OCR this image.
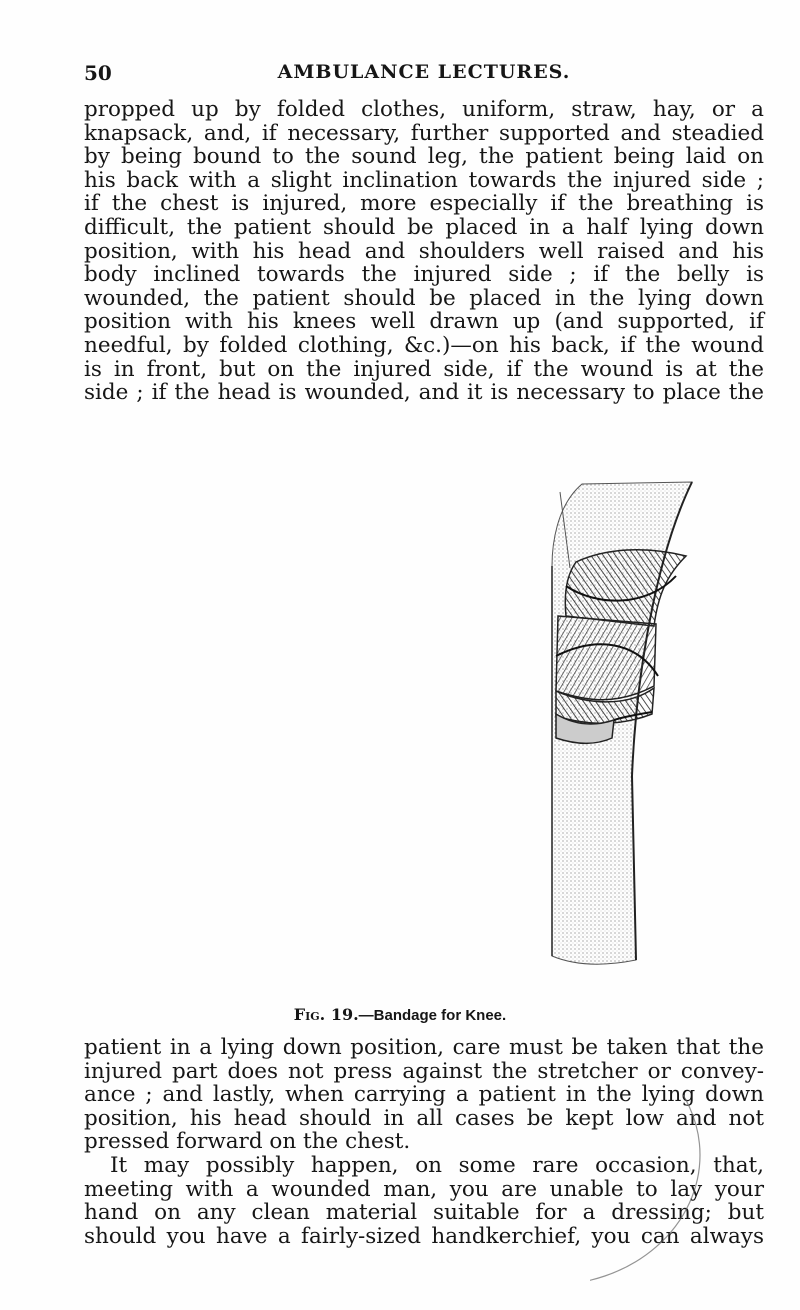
50	AMBULANCE LECTURES.
propped up by folded clothes, uniform, straw, hay, or a
knapsack, and, if necessary, further supported and steadied
by being bound to the sound leg, the patient being laid on
his back with a slight inclination towards the injured side ;
if the chest is injured, more especially if the breathing is
difficult, the patient should be placed in a half lying down
position, with his head and shoulders well raised and his
body inclined towards the injured side ; if the belly is
wounded, the patient should be placed in the lying down
position with his knees well drawn up (and supported, if
needful, by folded clothing, &c.)—on his back, if the wound
is in front, but on the injured side, if the wound is at the
side ; if the head is wounded, and it is necessary to place the
Fig. 19.—Bandage for Knee.
patient in a lying down position, care must be taken that the
injured part does not press against the stretcher or convey-
ance ; and lastly, when carrying a patient in the lying down
position, his head should in all cases be kept low and not
pressed forward on the chest.
It may possibly happen, on some rare occasion, that,
meeting with a wounded man, you are unable to lay your
hand on any clean material suitable for a dressing; but
should you have a fairly-sized handkerchief, you can always
